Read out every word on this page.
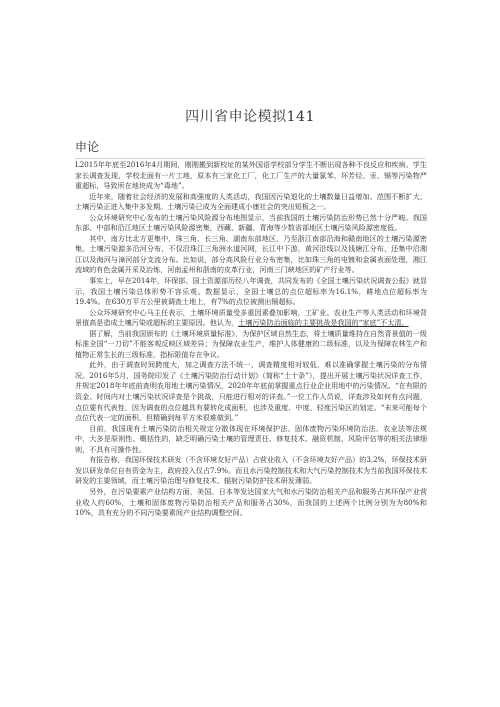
四川省申论模拟141
申论

L2015年年底至2016年4月期间，刚刚搬到新校址的某外国语学校部分学生不断出现各种不良反应和疾病。学生家长调查发现，学校北面有一片工地，原本有三家化工厂，化工厂生产的大量氯苯、环芳烃、汞、镉等污染物严重超标，导致所在地块成为“毒地”。

近年来，随着社会经济的发展和高强度的人类活动，我国因污染退化的土壤数量日益增加、范围不断扩大，土壤污染正进入集中多发期。土壤污染已成为全面建成小康社会的突出短板之一。

公众环境研究中心发布的土壤污染风险源分布地图显示，当前我国的土壤污染防治形势已然十分严峻。我国东部、中部和沿江地区土壤污染风险源密集，西藏、新疆、青海等少数省部地区土壤污染风险源密度低。

其中，南方比北方更集中，珠三角、长三角、湖南东部地区，乃至浙江南部沿海和赣南地区的土壤污染源密集。土壤污染源多沿河分布，不仅沿珠江三角洲水道河网，长江中下游，黄河沿线以及钱塘江分布，还集中沿湘江以及海河与漳河部分支流分布。比如说，部分高风险行业分布密集，比如珠三角的电镀和金属表面处理，湘江流域的有色金属开采及冶炼，河南孟州和浙南的皮革行业，河南三门峡地区的矿产行业等。

事实上，早在2014年，环保部、国土资源部历经八年调查，共同发布的《全国土壤污染状况调查公报》就显示，我国土壤污染总体形势不容乐观。数据显示，全国土壤总的点位超标率为16.1%，耕地点位超标率为19.4%。在630万平方公里被调查土地上，有7%的点位被测出镉超标。

公众环境研究中心马主任表示，土壤环境质量受多重因素叠加影响，工矿业、农业生产等人类活动和环境背景值高是造成土壤污染或超标的主要原因。他认为，土壤污染防治面临的主要挑战是我国的“家底”不太清。

据了解，当前我国颁布的《土壤环境质量标准》，为保护区域自然生态，将土壤质量维持在自然背景值的一级标准全国“一刀切”不能客观反映区域差异；为保障农业生产，维护人体健康的二级标准，以及为保障农林生产和植物正常生长的三级标准，指标限值存在争议。

此外，由于调查时间跨度大，加之调查方法不统一、调查精度相对较低，难以准确掌握土壤污染的分布情况。2016年5月，国务院印发了《土壤污染防治行动计划》（简称“土十条”），提出开展土壤污染状况详查工作，并规定2018年年底前查明农用地土壤污染情况，2020年年底前掌握重点行业企业用地中的污染情况。“在有限的资金、时间内对土壤污染状况详查是个挑战，只能进行相对的详查。”一位工作人员说，详查涉及如何有点问题，点位要有代表性，因为调查的点位越具有要转化成面积，也涉及重度、中度、轻度污染区的划定。“未来可能每个点位代表一定的面积，但精确到每平方米很难做到。”

目前，我国现有土壤污染防治相关规定分散体现在环境保护法、固体废物污染环境防治法、农业法等法规中，大多是原则性、概括性的，缺乏明确污染土壤的管理责任、修复技术、融资机制、风险评估等的相关法律细则，不具有可操作性。

有报告称，我国环保技术研发（不含环境友好产品）占营业收入（不含环境友好产品）的3.2%，环保技术研发以研发单位自有资金为主，政府投入仅占7.9%。而且水污染控制技术和大气污染控制技术为当前我国环保技术研发的主要领域，而土壤污染治理与修复技术、辐射污染防护技术研发薄弱。

另外，在污染要素产业结构方面，美国、日本等发达国家大气和水污染防治相关产品和服务占其环保产业营业收入约60%，土壤和固体废物污染防治相关产品和服务占30%，而我国的上述两个比例分别为为80%和10%，具有充分的不同污染要素间产业结构调整空间。
